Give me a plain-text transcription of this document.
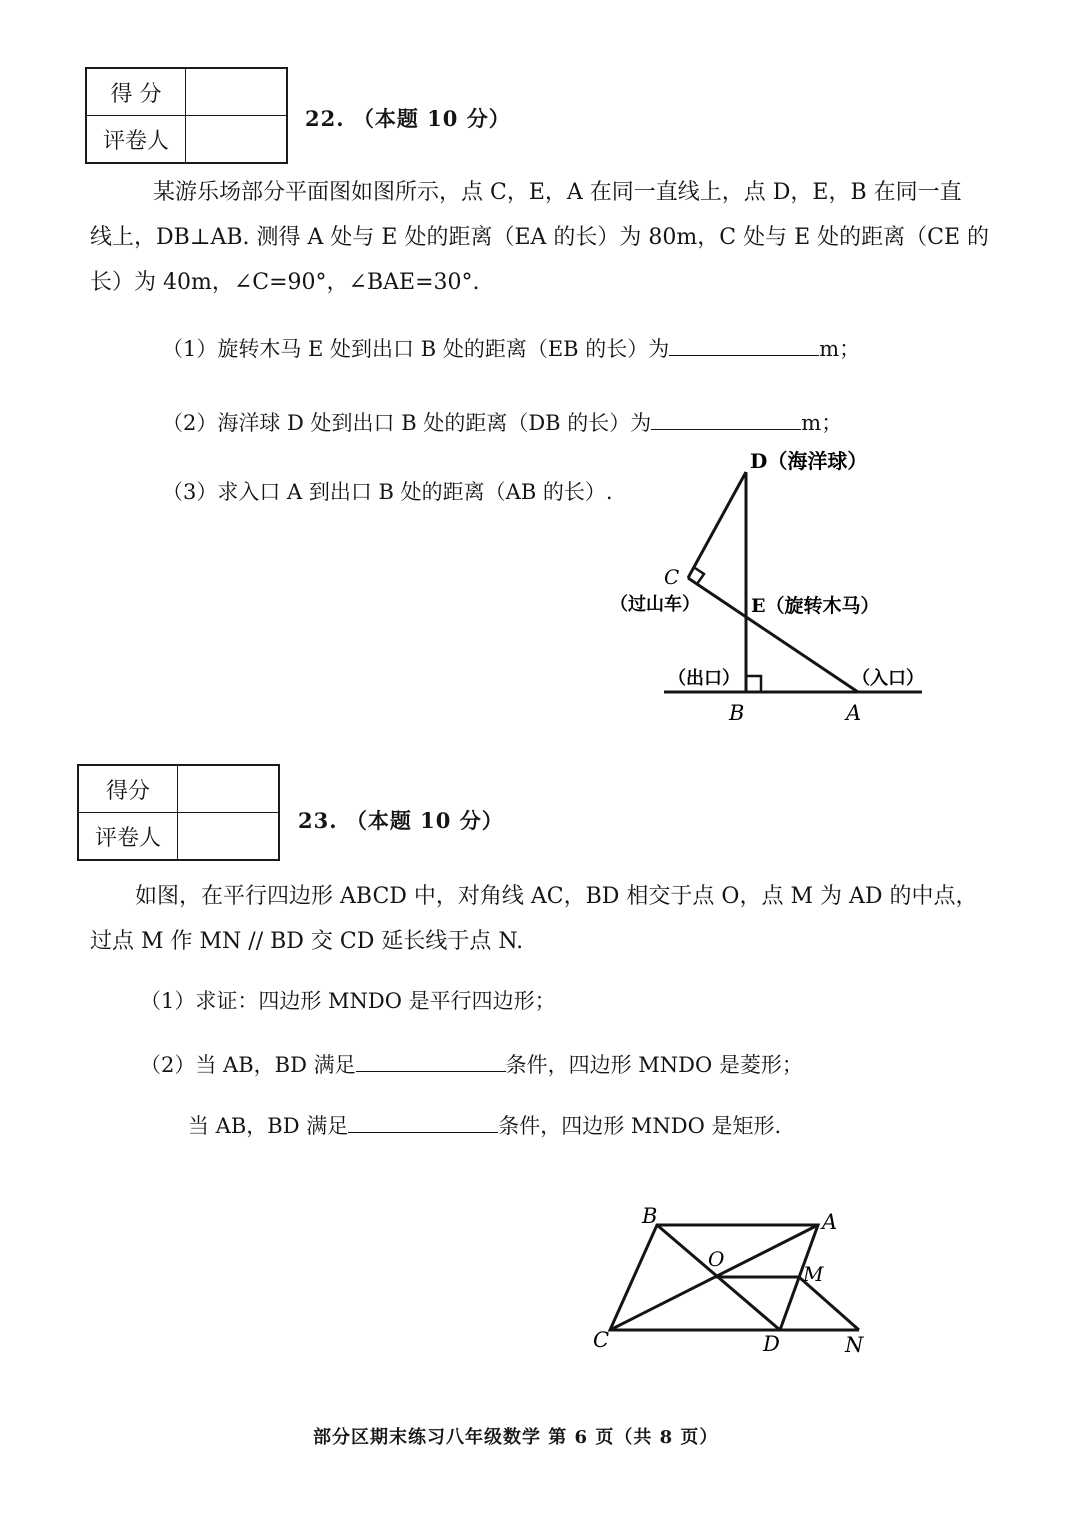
得 分	
评卷人	
22. （本题 10 分）
某游乐场部分平面图如图所示，点 C，E，A 在同一直线上，点 D，E，B 在同一直
线上，DB⊥AB. 测得 A 处与 E 处的距离（EA 的长）为 80m，C 处与 E 处的距离（CE 的
长）为 40m，∠C=90°，∠BAE=30°.
（1）旋转木马 E 处到出口 B 处的距离（EB 的长）为	m；
（2）海洋球 D 处到出口 B 处的距离（DB 的长）为	m；
（3）求入口 A 到出口 B 处的距离（AB 的长）.
D（海洋球）
C
（过山车）	E（旋转木马）
（出口）	（入口）
B	A
得分	
评卷人	
23. （本题 10 分）
如图，在平行四边形 ABCD 中，对角线 AC，BD 相交于点 O，点 M 为 AD 的中点，
过点 M 作 MN // BD 交 CD 延长线于点 N.
（1）求证：四边形 MNDO 是平行四边形；
（2）当 AB，BD 满足	条件，四边形 MNDO 是菱形；
当 AB，BD 满足	条件，四边形 MNDO 是矩形.
B	A
O
M
C	D	N
部分区期末练习八年级数学 第 6 页（共 8 页）
